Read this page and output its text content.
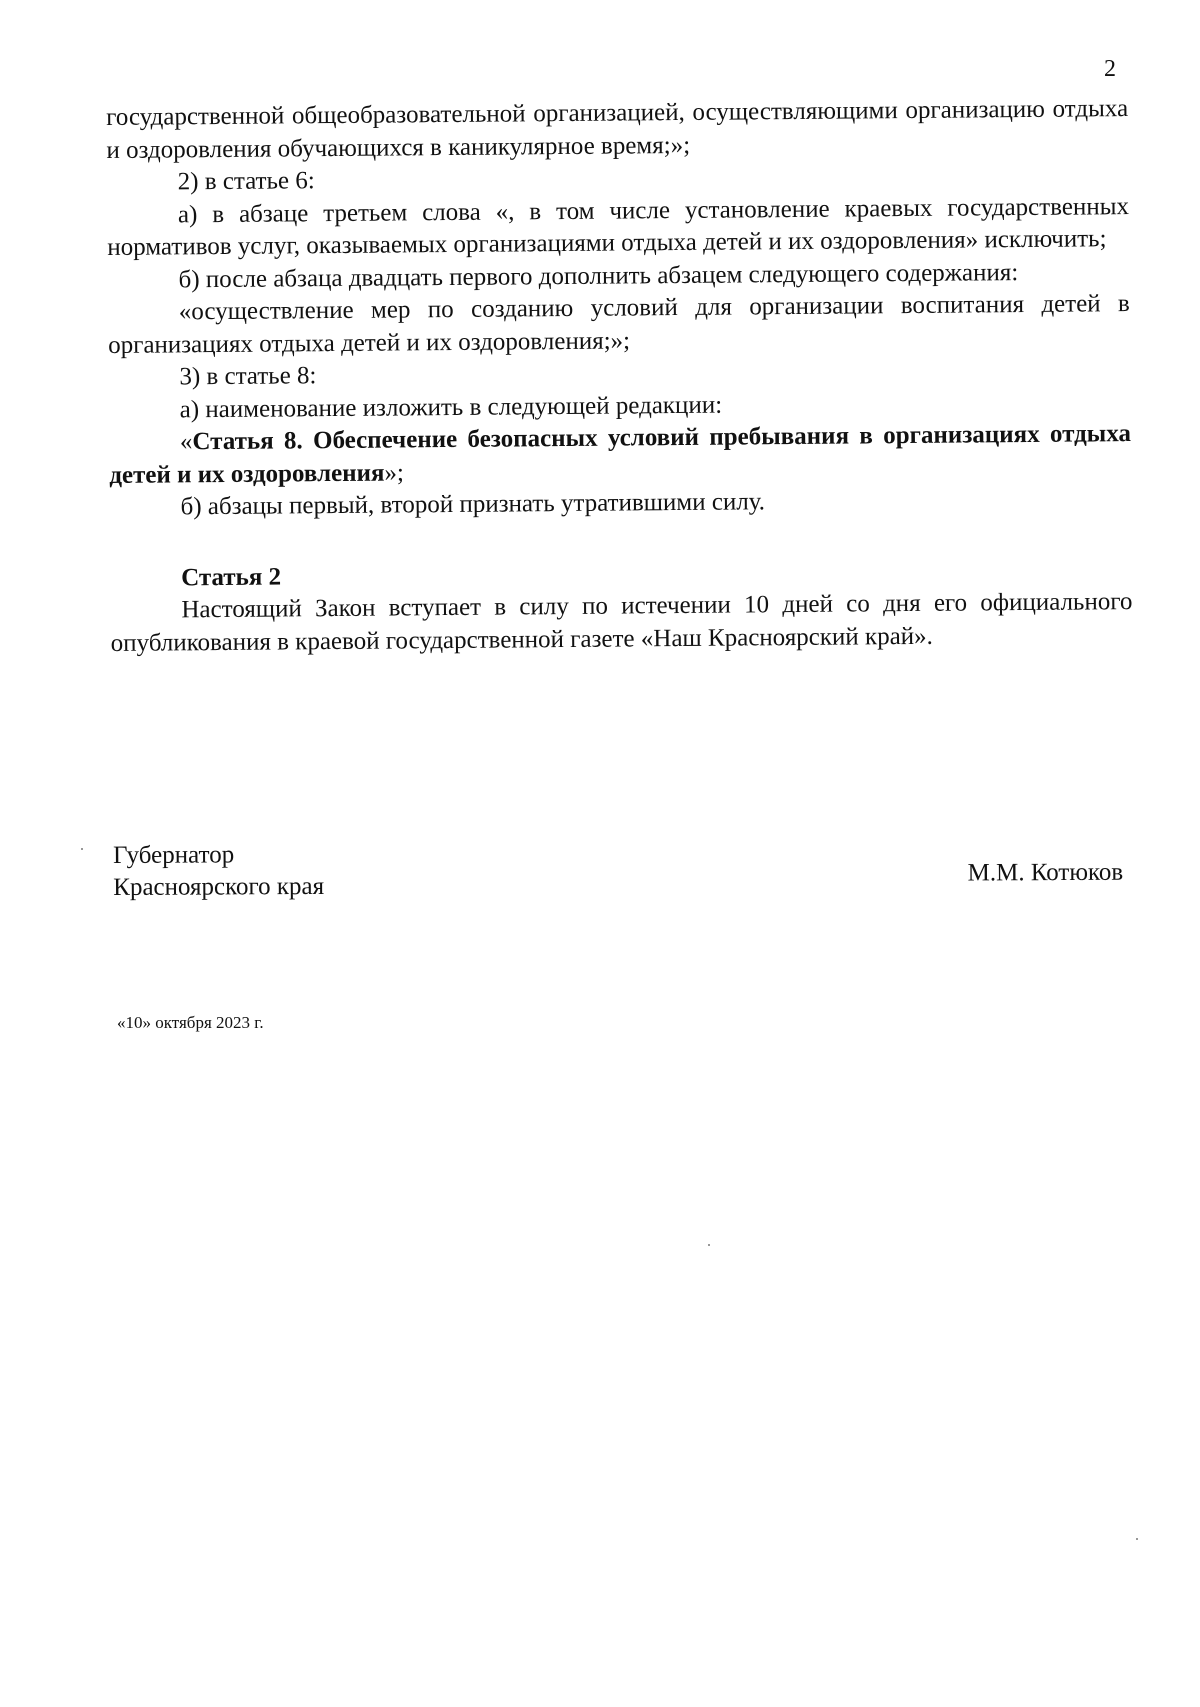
2

государственной общеобразовательной организацией, осуществляющими организацию отдыха и оздоровления обучающихся в каникулярное время;»;

2) в статье 6:

а) в абзаце третьем слова «, в том числе установление краевых государственных нормативов услуг, оказываемых организациями отдыха детей и их оздоровления» исключить;

б) после абзаца двадцать первого дополнить абзацем следующего содержания:

«осуществление мер по созданию условий для организации воспитания детей в организациях отдыха детей и их оздоровления;»;

3) в статье 8:

а) наименование изложить в следующей редакции:

«Статья 8. Обеспечение безопасных условий пребывания в организациях отдыха детей и их оздоровления»;

б) абзацы первый, второй признать утратившими силу.

Статья 2

Настоящий Закон вступает в силу по истечении 10 дней со дня его официального опубликования в краевой государственной газете «Наш Красноярский край».

Губернатор
Красноярского края
М.М. Котюков
«10» октября 2023 г.
